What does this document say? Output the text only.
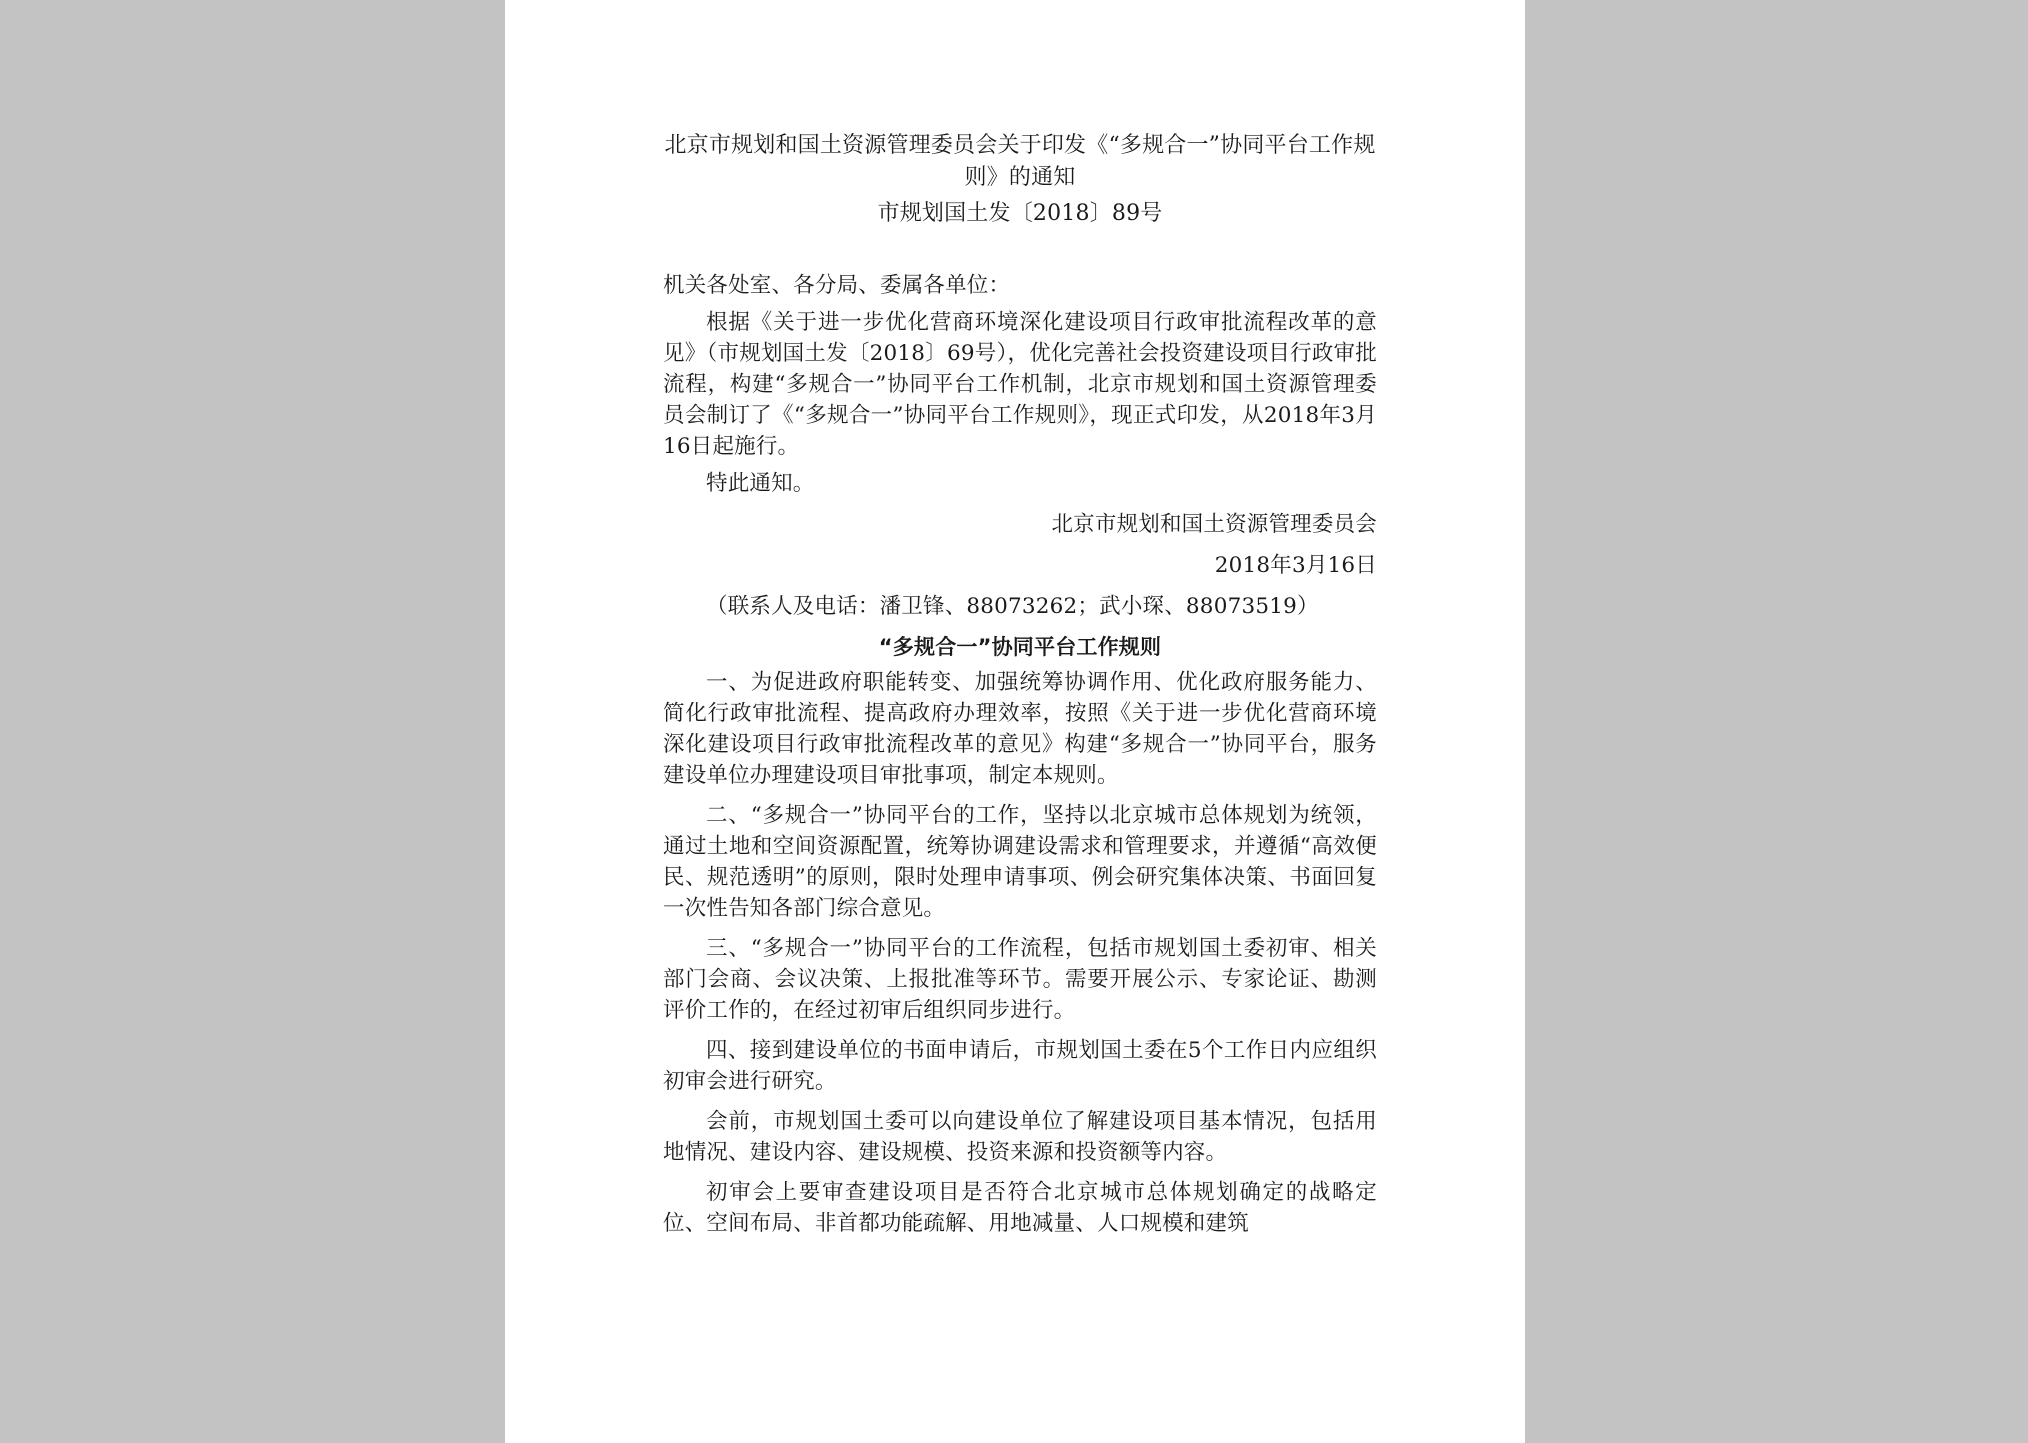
北京市规划和国土资源管理委员会关于印发《“多规合一”协同平台工作规则》的通知
市规划国土发〔2018〕89号
机关各处室、各分局、委属各单位：
根据《关于进一步优化营商环境深化建设项目行政审批流程改革的意见》（市规划国土发〔2018〕69号），优化完善社会投资建设项目行政审批流程，构建“多规合一”协同平台工作机制，北京市规划和国土资源管理委员会制订了《“多规合一”协同平台工作规则》，现正式印发，从2018年3月16日起施行。
特此通知。
北京市规划和国土资源管理委员会
2018年3月16日
（联系人及电话：潘卫锋、88073262；武小琛、88073519）
“多规合一”协同平台工作规则
一、为促进政府职能转变、加强统筹协调作用、优化政府服务能力、简化行政审批流程、提高政府办理效率，按照《关于进一步优化营商环境深化建设项目行政审批流程改革的意见》构建“多规合一”协同平台，服务建设单位办理建设项目审批事项，制定本规则。
二、“多规合一”协同平台的工作，坚持以北京城市总体规划为统领，通过土地和空间资源配置，统筹协调建设需求和管理要求，并遵循“高效便民、规范透明”的原则，限时处理申请事项、例会研究集体决策、书面回复一次性告知各部门综合意见。
三、“多规合一”协同平台的工作流程，包括市规划国土委初审、相关部门会商、会议决策、上报批准等环节。需要开展公示、专家论证、勘测评价工作的，在经过初审后组织同步进行。
四、接到建设单位的书面申请后，市规划国土委在5个工作日内应组织初审会进行研究。
会前，市规划国土委可以向建设单位了解建设项目基本情况，包括用地情况、建设内容、建设规模、投资来源和投资额等内容。
初审会上要审查建设项目是否符合北京城市总体规划确定的战略定位、空间布局、非首都功能疏解、用地减量、人口规模和建筑
